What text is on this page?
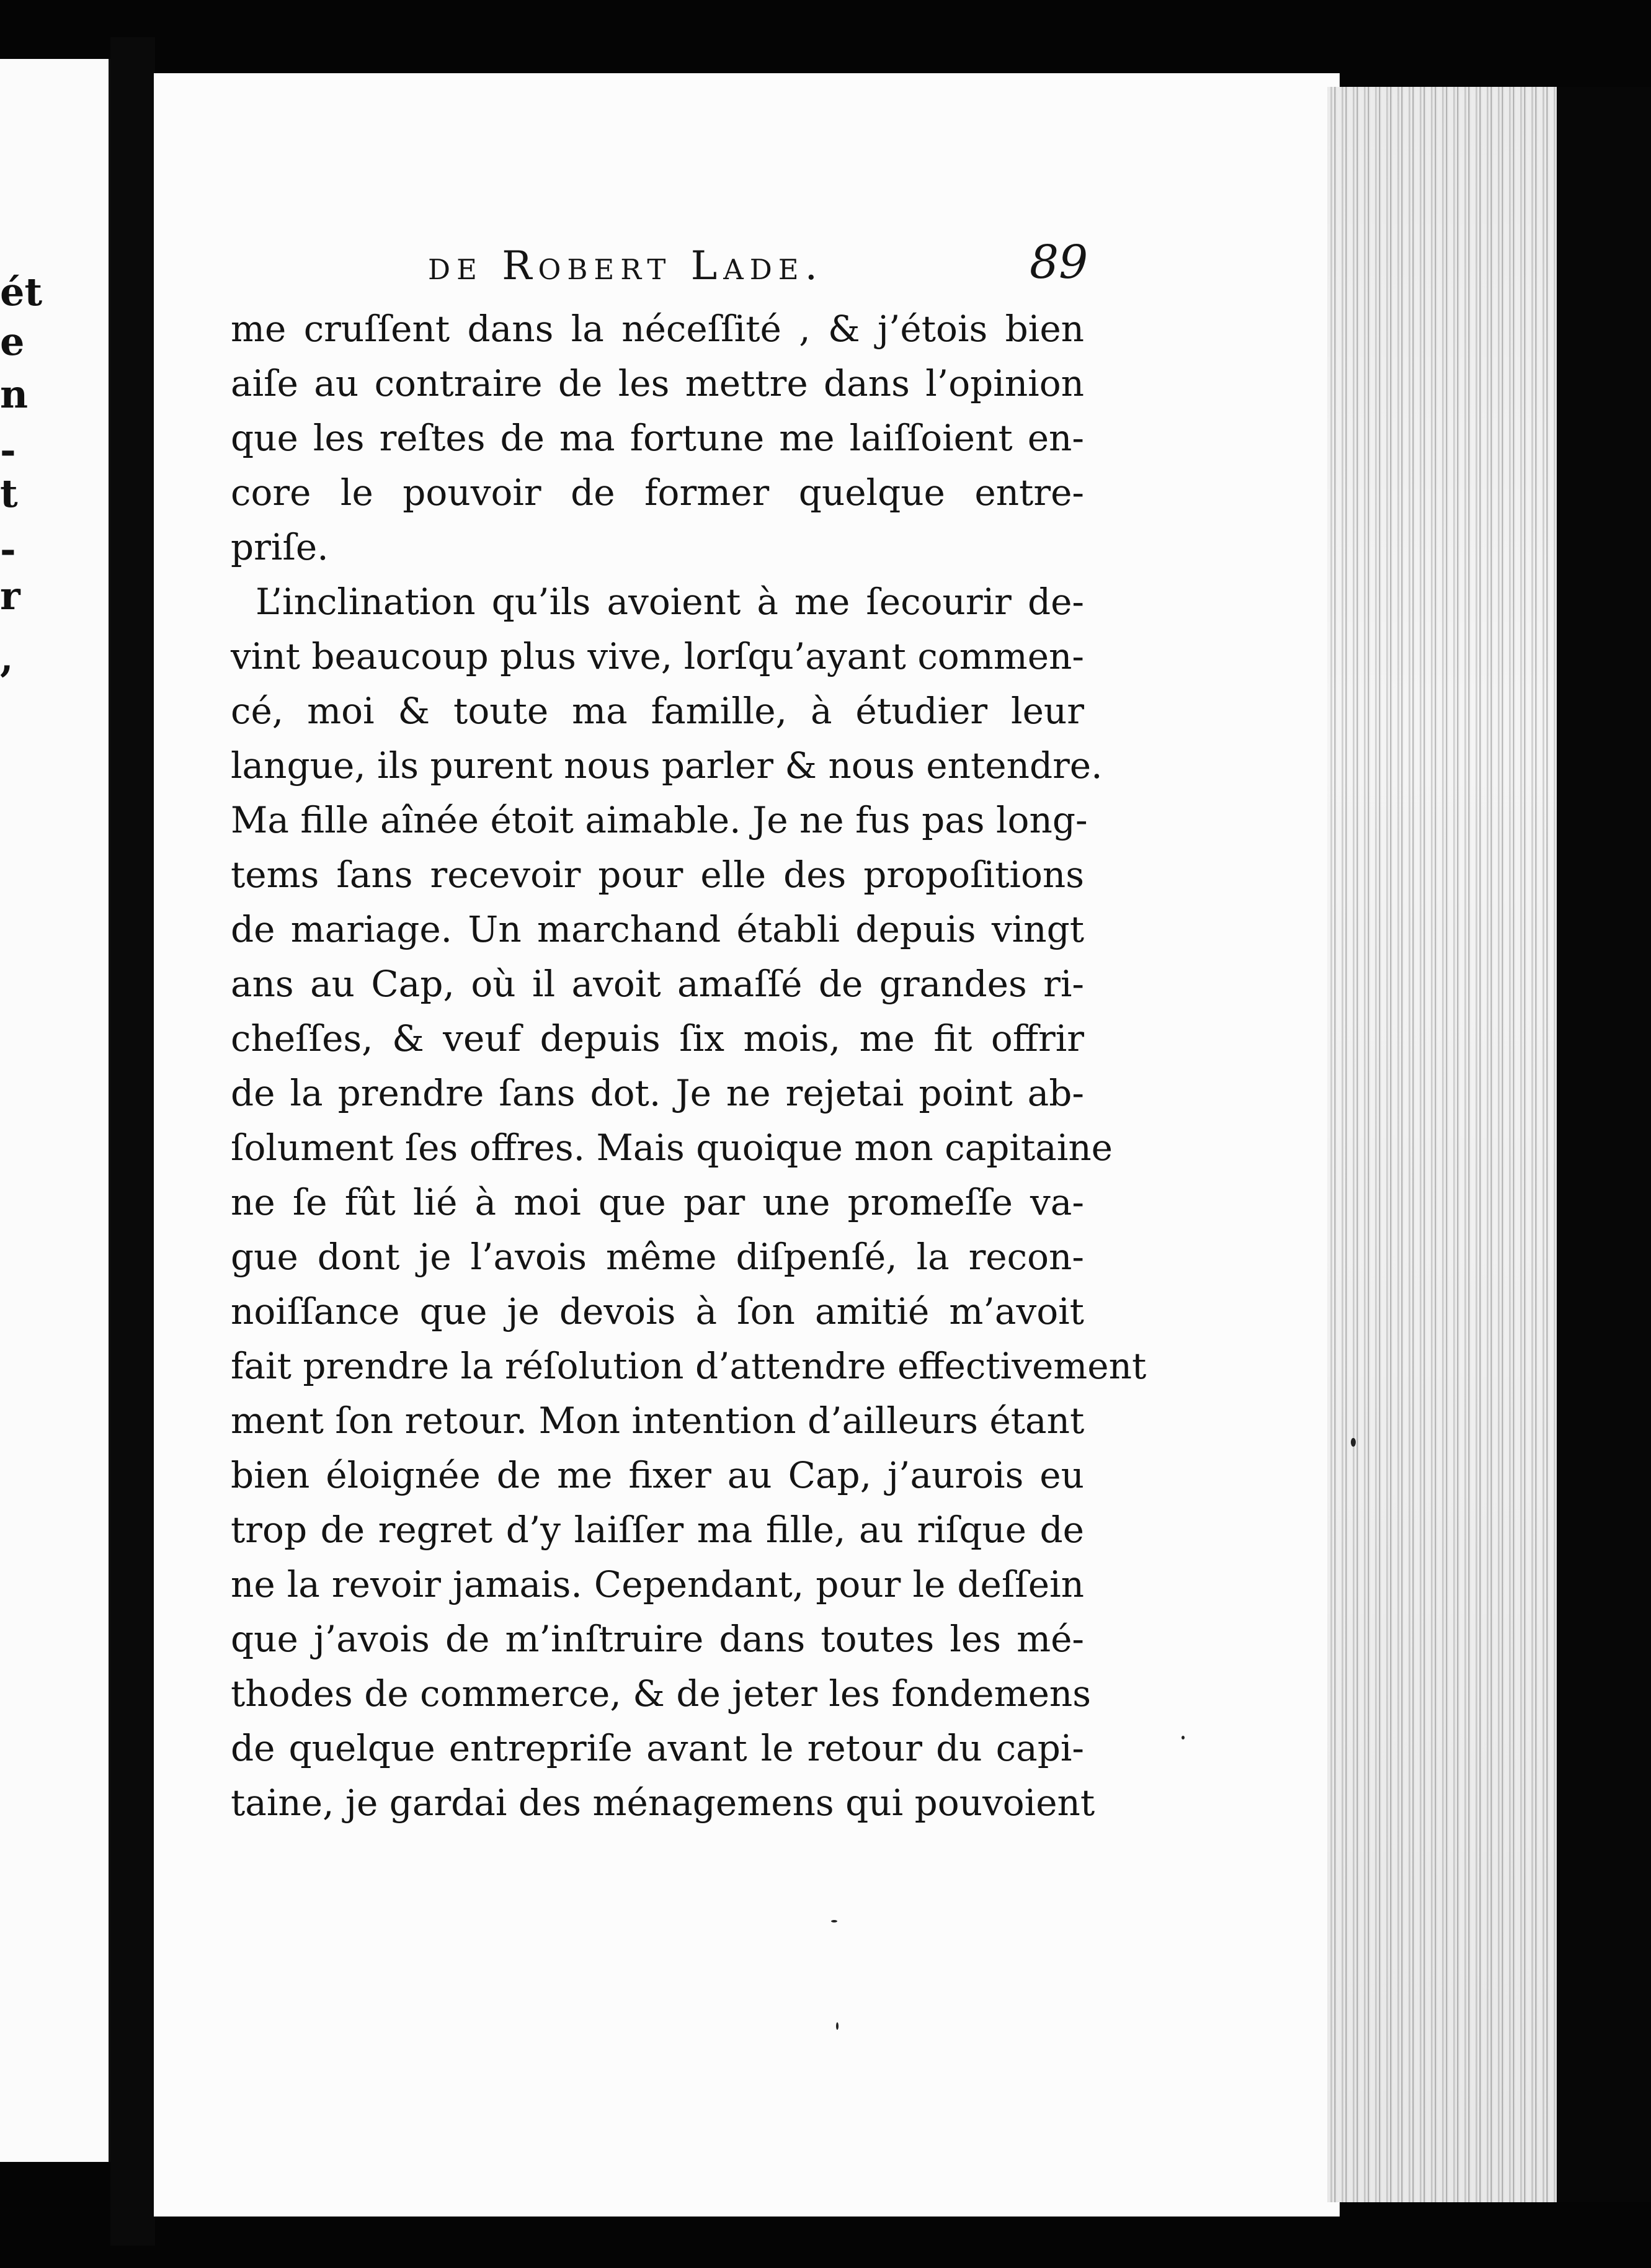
ét
e
n
-
t
-
r
,
de Robert Lade.	89
me cruſſent dans la néceſſité , & j’étois bien
aiſe au contraire de les mettre dans l’opinion
que les reſtes de ma fortune me laiſſoient en-
core le pouvoir de former quelque entre-
priſe.
L’inclination qu’ils avoient à me ſecourir de-
vint beaucoup plus vive, lorſqu’ayant commen-
cé, moi & toute ma famille, à étudier leur
langue, ils purent nous parler & nous entendre.
Ma fille aînée étoit aimable. Je ne fus pas long-
tems ſans recevoir pour elle des propoſitions
de mariage. Un marchand établi depuis vingt
ans au Cap, où il avoit amaſſé de grandes ri-
cheſſes, & veuf depuis ſix mois, me fit offrir
de la prendre ſans dot. Je ne rejetai point ab-
ſolument ſes offres. Mais quoique mon capitaine
ne ſe fût lié à moi que par une promeſſe va-
gue dont je l’avois même diſpenſé, la recon-
noiſſance que je devois à ſon amitié m’avoit
fait prendre la réſolution d’attendre effectivement
ment ſon retour. Mon intention d’ailleurs étant
bien éloignée de me fixer au Cap, j’aurois eu
trop de regret d’y laiſſer ma fille, au riſque de
ne la revoir jamais. Cependant, pour le deſſein
que j’avois de m’inſtruire dans toutes les mé-
thodes de commerce, & de jeter les fondemens
de quelque entrepriſe avant le retour du capi-
taine, je gardai des ménagemens qui pouvoient
